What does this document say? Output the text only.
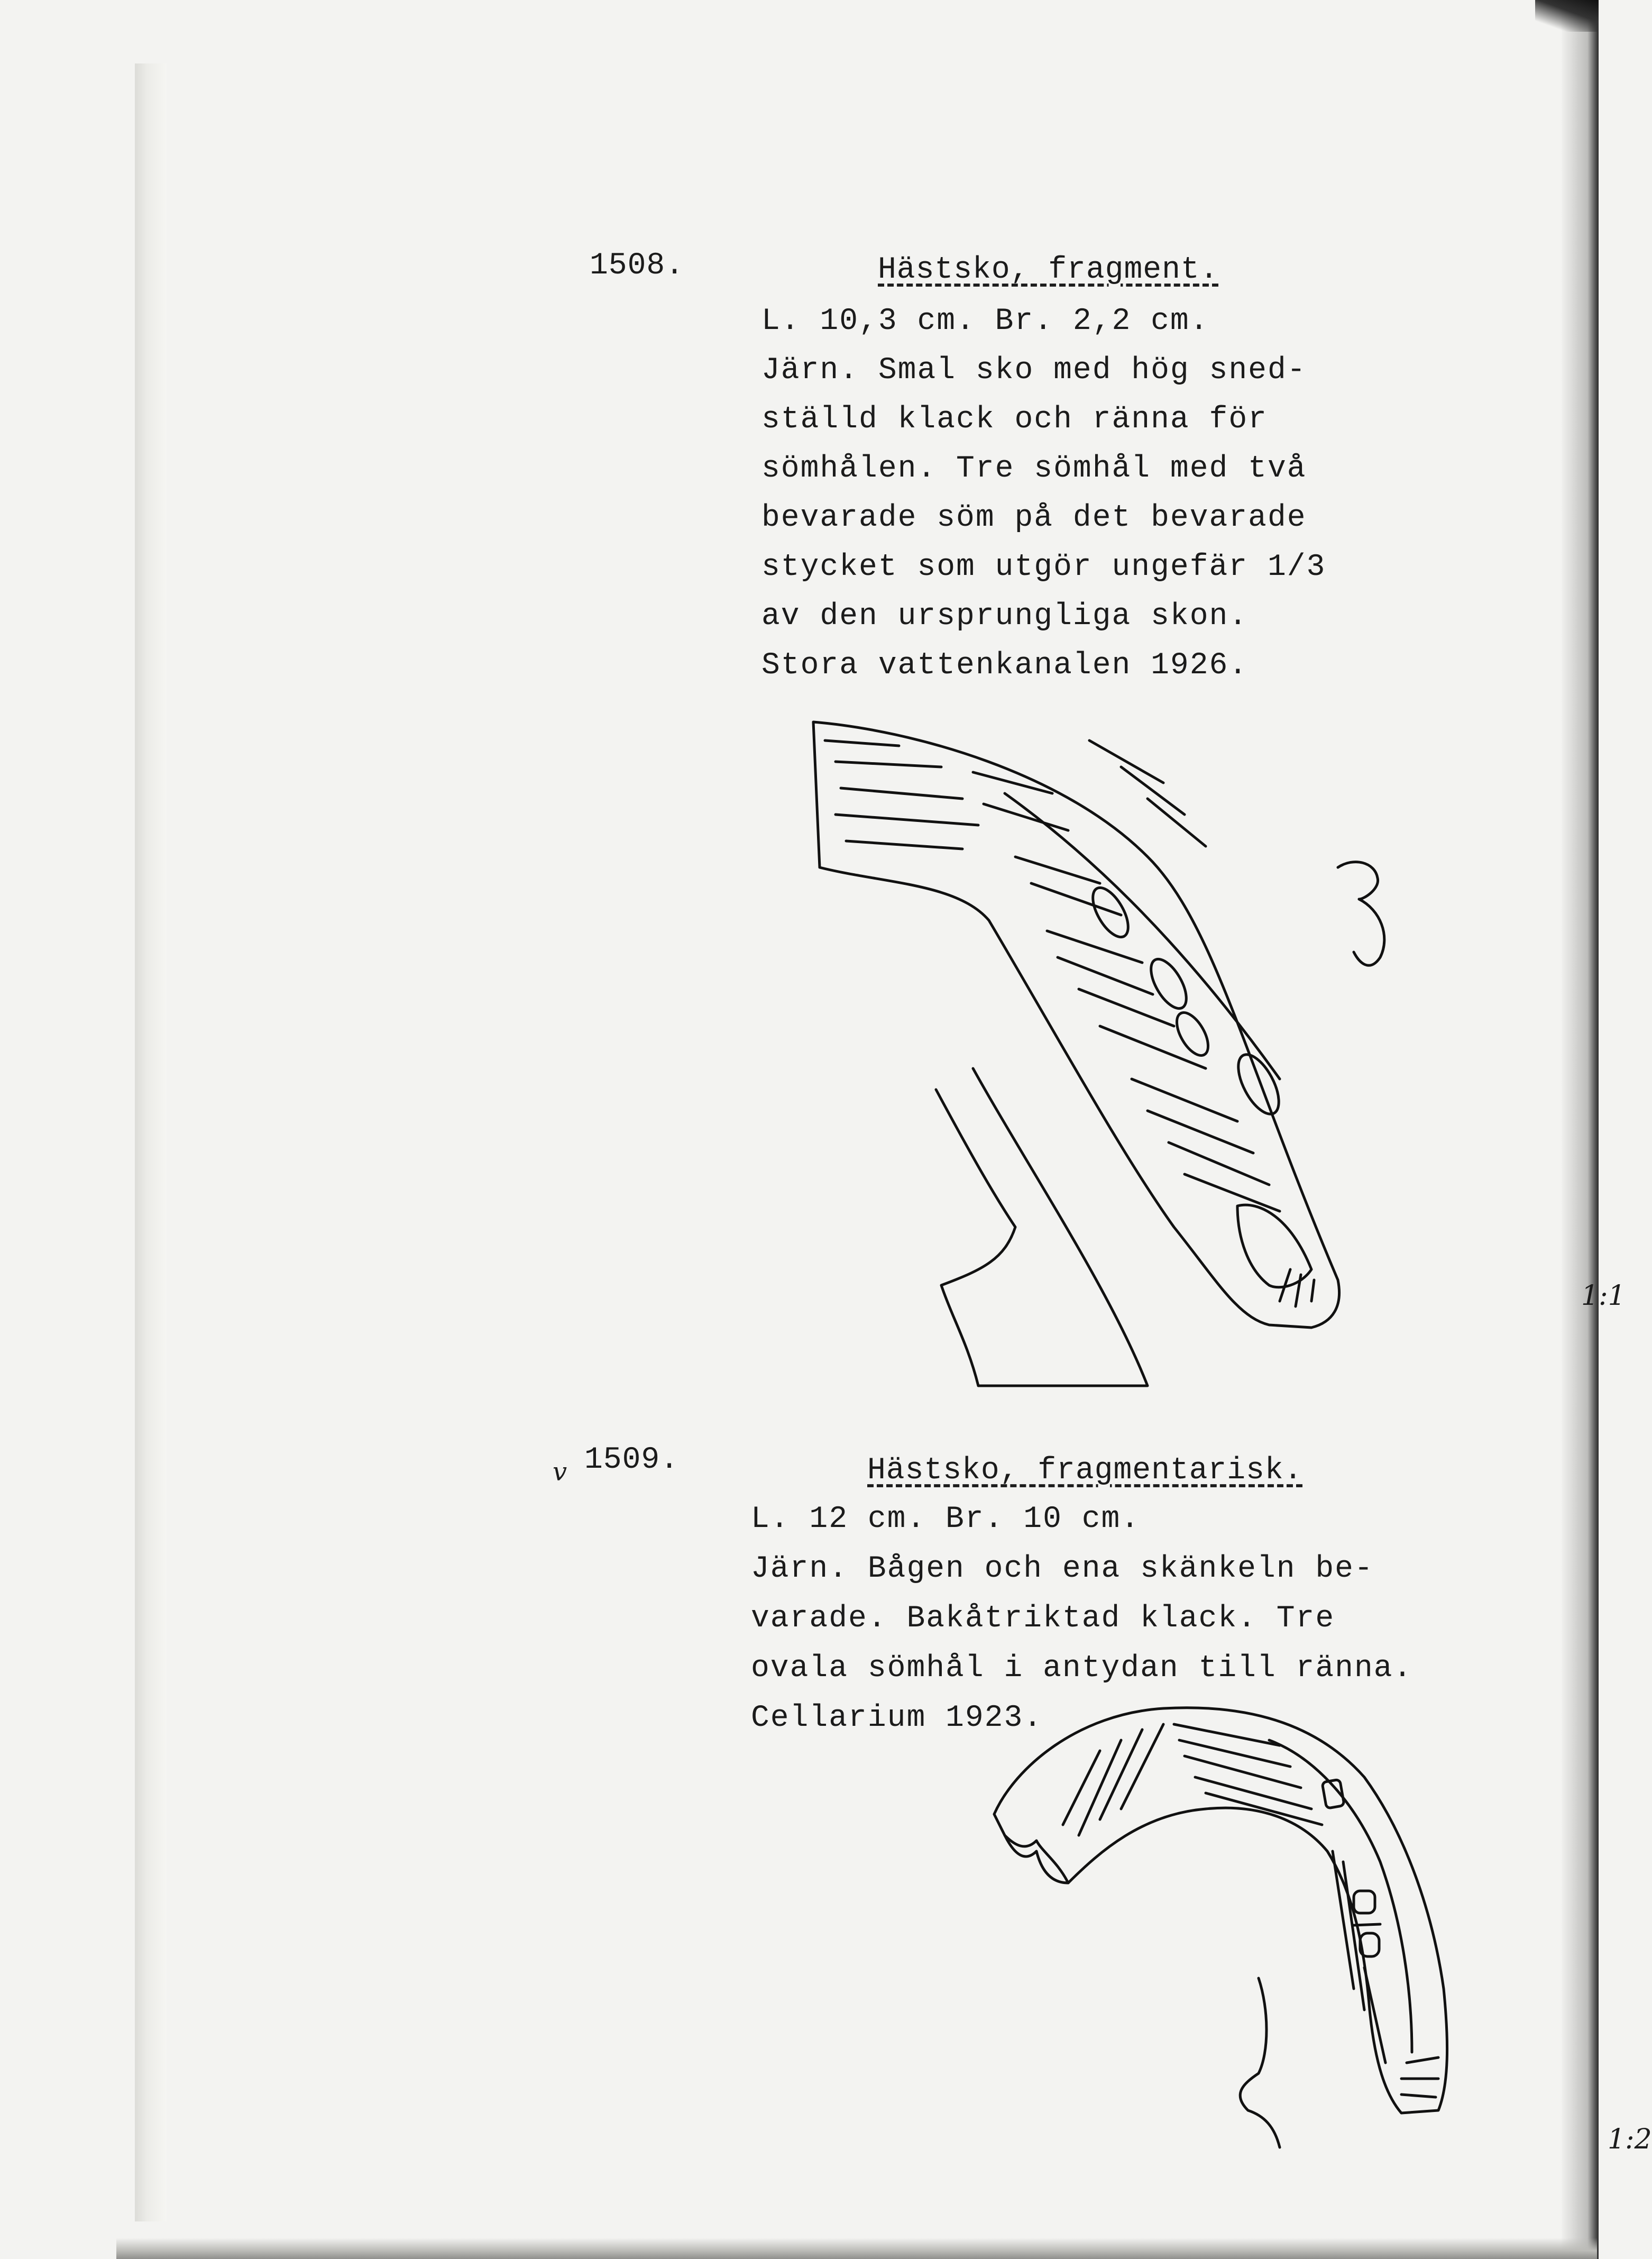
1508.	Hästsko, fragment.
L. 10,3 cm. Br. 2,2 cm.
Järn. Smal sko med hög sned-
ställd klack och ränna för
sömhålen. Tre sömhål med två
bevarade söm på det bevarade
stycket som utgör ungefär 1/3
av den ursprungliga skon.
Stora vattenkanalen 1926.
1:1
v 1509.	Hästsko, fragmentarisk.
L. 12 cm. Br. 10 cm.
Järn. Bågen och ena skänkeln be-
varade. Bakåtriktad klack. Tre
ovala sömhål i antydan till ränna.
Cellarium 1923.
1:2
